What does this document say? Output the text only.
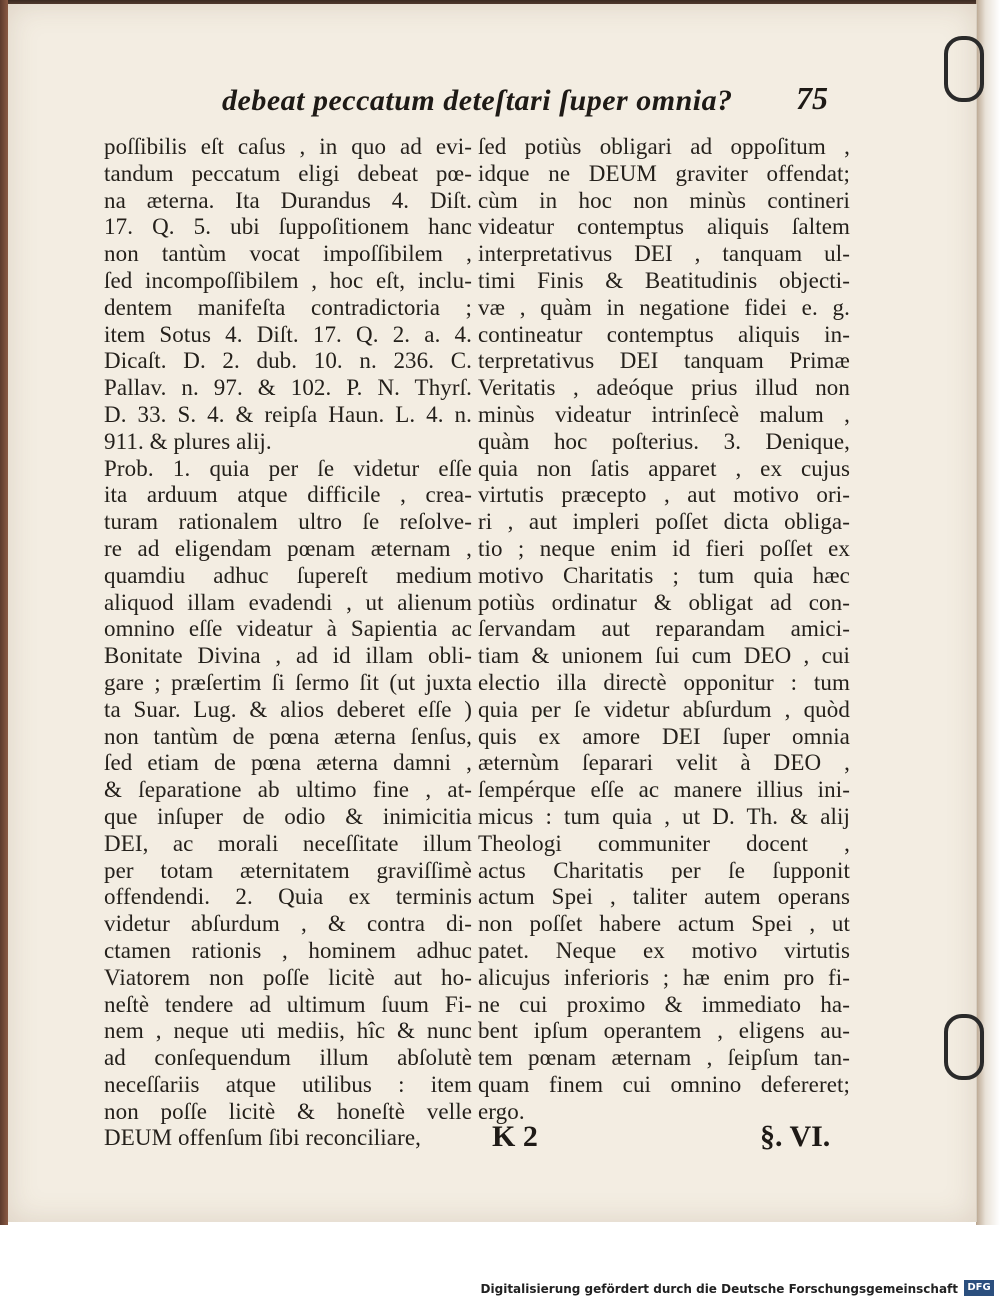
debeat peccatum deteſtari ſuper omnia?	75
poſſibilis eſt caſus , in quo ad evi-
tandum peccatum eligi debeat pœ-
na æterna. Ita Durandus 4. Diſt.
17. Q. 5. ubi ſuppoſitionem hanc
non tantùm vocat impoſſibilem ,
ſed incompoſſibilem , hoc eſt, inclu-
dentem manifeſta contradictoria ;
item Sotus 4. Diſt. 17. Q. 2. a. 4.
Dicaſt. D. 2. dub. 10. n. 236. C.
Pallav. n. 97. & 102. P. N. Thyrſ.
D. 33. S. 4. & reipſa Haun. L. 4. n.
911. & plures alij.
Prob. 1. quia per ſe videtur eſſe
ita arduum atque difficile , crea-
turam rationalem ultro ſe reſolve-
re ad eligendam pœnam æternam ,
quamdiu adhuc ſupereſt medium
aliquod illam evadendi , ut alienum
omnino eſſe videatur à Sapientia ac
Bonitate Divina , ad id illam obli-
gare ; præſertim ſi ſermo ſit (ut juxta
ta Suar. Lug. & alios deberet eſſe )
non tantùm de pœna æterna ſenſus,
ſed etiam de pœna æterna damni ,
& ſeparatione ab ultimo fine , at-
que inſuper de odio & inimicitia
DEI, ac morali neceſſitate illum
per totam æternitatem graviſſimè
offendendi. 2. Quia ex terminis
videtur abſurdum , & contra di-
ctamen rationis , hominem adhuc
Viatorem non poſſe licitè aut ho-
neſtè tendere ad ultimum ſuum Fi-
nem , neque uti mediis, hîc & nunc
ad conſequendum illum abſolutè
neceſſariis atque utilibus : item
non poſſe licitè & honeſtè velle
DEUM offenſum ſibi reconciliare,
ſed potiùs obligari ad oppoſitum ,
idque ne DEUM graviter offendat;
cùm in hoc non minùs contineri
videatur contemptus aliquis ſaltem
interpretativus DEI , tanquam ul-
timi Finis & Beatitudinis objecti-
væ , quàm in negatione fidei e. g.
contineatur contemptus aliquis in-
terpretativus DEI tanquam Primæ
Veritatis , adeóque prius illud non
minùs videatur intrinſecè malum ,
quàm hoc poſterius. 3. Denique,
quia non ſatis apparet , ex cujus
virtutis præcepto , aut motivo ori-
ri , aut impleri poſſet dicta obliga-
tio ; neque enim id fieri poſſet ex
motivo Charitatis ; tum quia hæc
potiùs ordinatur & obligat ad con-
ſervandam aut reparandam amici-
tiam & unionem ſui cum DEO , cui
electio illa directè opponitur : tum
quia per ſe videtur abſurdum , quòd
quis ex amore DEI ſuper omnia
æternùm ſeparari velit à DEO ,
ſempérque eſſe ac manere illius ini-
micus : tum quia , ut D. Th. & alij
Theologi communiter docent ,
actus Charitatis per ſe ſupponit
actum Spei , taliter autem operans
non poſſet habere actum Spei , ut
patet. Neque ex motivo virtutis
alicujus inferioris ; hæ enim pro fi-
ne cui proximo & immediato ha-
bent ipſum operantem , eligens au-
tem pœnam æternam , ſeipſum tan-
quam finem cui omnino defereret;
ergo.
K 2	§. VI.
Digitalisierung gefördert durch die Deutsche Forschungsgemeinschaft DFG
